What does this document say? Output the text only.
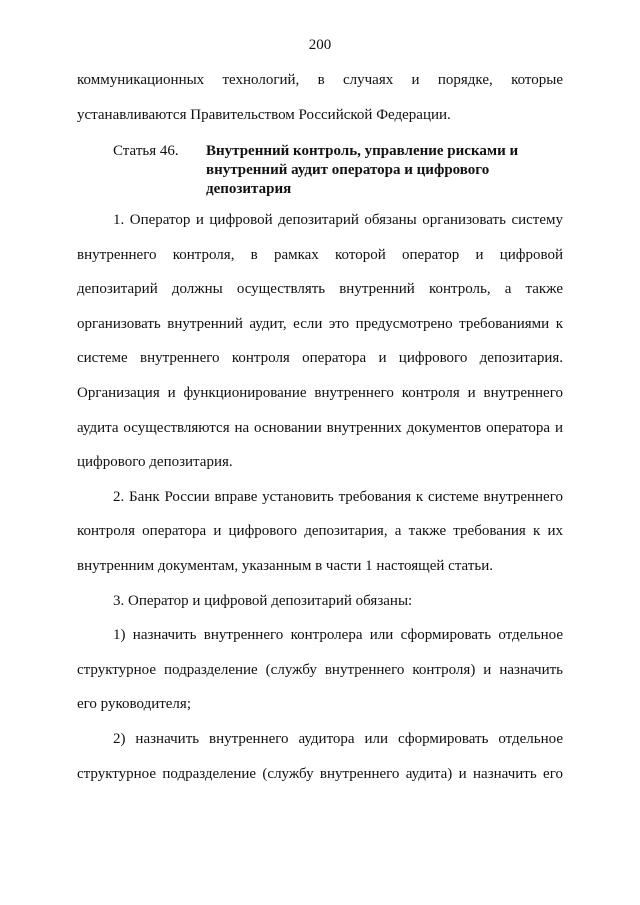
200
коммуникационных технологий, в случаях и порядке, которые
устанавливаются Правительством Российской Федерации.
Статья 46. Внутренний контроль, управление рисками и
внутренний аудит оператора и цифрового
депозитария
1. Оператор и цифровой депозитарий обязаны организовать систему
внутреннего контроля, в рамках которой оператор и цифровой
депозитарий должны осуществлять внутренний контроль, а также
организовать внутренний аудит, если это предусмотрено требованиями к
системе внутреннего контроля оператора и цифрового депозитария.
Организация и функционирование внутреннего контроля и внутреннего
аудита осуществляются на основании внутренних документов оператора и
цифрового депозитария.
2. Банк России вправе установить требования к системе внутреннего
контроля оператора и цифрового депозитария, а также требования к их
внутренним документам, указанным в части 1 настоящей статьи.
3. Оператор и цифровой депозитарий обязаны:
1) назначить внутреннего контролера или сформировать отдельное
структурное подразделение (службу внутреннего контроля) и назначить
его руководителя;
2) назначить внутреннего аудитора или сформировать отдельное
структурное подразделение (службу внутреннего аудита) и назначить его
